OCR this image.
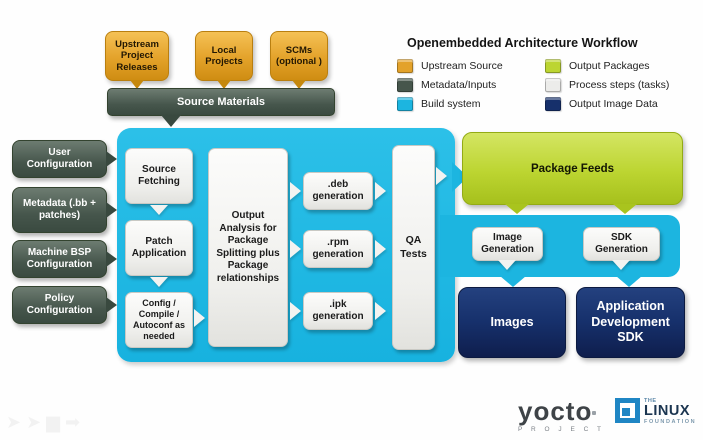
Upstream Project Releases
Local Projects
SCMs (optional )
Source Materials
Openembedded Architecture Workflow
Upstream Source
Metadata/Inputs
Build system
Output Packages
Process steps (tasks)
Output Image Data
User Configuration
Metadata (.bb + patches)
Machine BSP Configuration
Policy Configuration
Source Fetching
Patch Application
Config / Compile / Autoconf as needed
Output Analysis for Package Splitting plus Package relationships
.deb generation
.rpm generation
.ipk generation
QA Tests
Package Feeds
Image Generation
SDK Generation
Images
Application Development SDK
yocto
P R O J E C T
THE
LINUX
FOUNDATION
➤ ➤ ▆ ➡
